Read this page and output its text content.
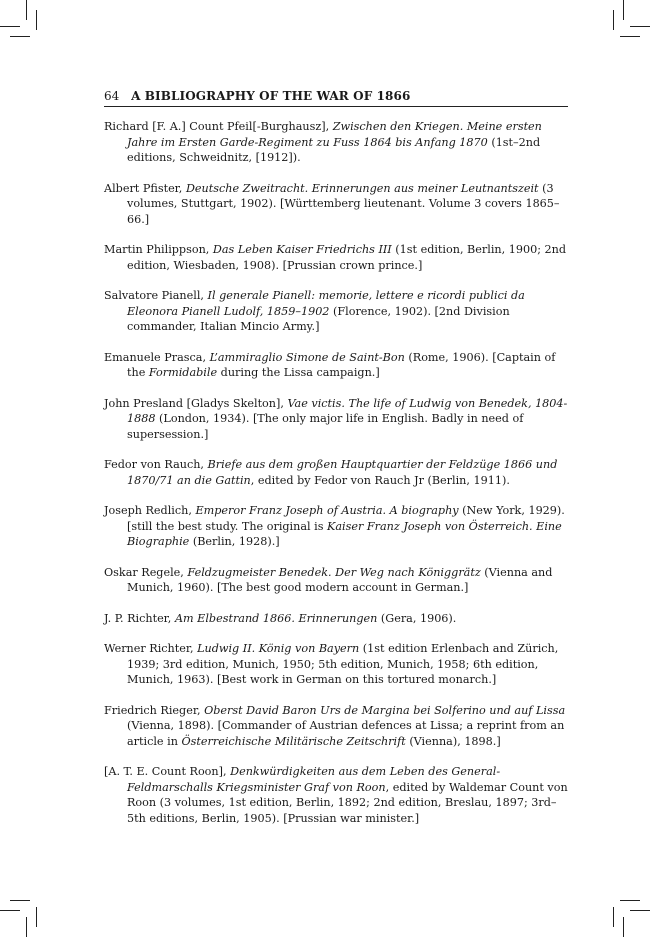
64 A BIBLIOGRAPHY OF THE WAR OF 1866

Richard [F. A.] Count Pfeil[-Burghausz], Zwischen den Kriegen. Meine ersten Jahre im Ersten Garde-Regiment zu Fuss 1864 bis Anfang 1870 (1st–2nd editions, Schweidnitz, [1912]).

Albert Pfister, Deutsche Zweitracht. Erinnerungen aus meiner Leutnantszeit (3 volumes, Stuttgart, 1902). [Württemberg lieutenant. Volume 3 covers 1865–66.]

Martin Philippson, Das Leben Kaiser Friedrichs III (1st edition, Berlin, 1900; 2nd edition, Wiesbaden, 1908). [Prussian crown prince.]

Salvatore Pianell, Il generale Pianell: memorie, lettere e ricordi publici da Eleonora Pianell Ludolf, 1859–1902 (Florence, 1902). [2nd Division commander, Italian Mincio Army.]

Emanuele Prasca, L’ammiraglio Simone de Saint-Bon (Rome, 1906). [Captain of the Formidabile during the Lissa campaign.]

John Presland [Gladys Skelton], Vae victis. The life of Ludwig von Benedek, 1804-1888 (London, 1934). [The only major life in English. Badly in need of supersession.]

Fedor von Rauch, Briefe aus dem großen Hauptquartier der Feldzüge 1866 und 1870/71 an die Gattin, edited by Fedor von Rauch Jr (Berlin, 1911).

Joseph Redlich, Emperor Franz Joseph of Austria. A biography (New York, 1929). [still the best study. The original is Kaiser Franz Joseph von Österreich. Eine Biographie (Berlin, 1928).]

Oskar Regele, Feldzugmeister Benedek. Der Weg nach Königgrätz (Vienna and Munich, 1960). [The best good modern account in German.]

J. P. Richter, Am Elbestrand 1866. Erinnerungen (Gera, 1906).

Werner Richter, Ludwig II. König von Bayern (1st edition Erlenbach and Zürich, 1939; 3rd edition, Munich, 1950; 5th edition, Munich, 1958; 6th edition, Munich, 1963). [Best work in German on this tortured monarch.]

Friedrich Rieger, Oberst David Baron Urs de Margina bei Solferino und auf Lissa (Vienna, 1898). [Commander of Austrian defences at Lissa; a reprint from an article in Österreichische Militärische Zeitschrift (Vienna), 1898.]

[A. T. E. Count Roon], Denkwürdigkeiten aus dem Leben des General-Feldmarschalls Kriegsminister Graf von Roon, edited by Waldemar Count von Roon (3 volumes, 1st edition, Berlin, 1892; 2nd edition, Breslau, 1897; 3rd–5th editions, Berlin, 1905). [Prussian war minister.]
